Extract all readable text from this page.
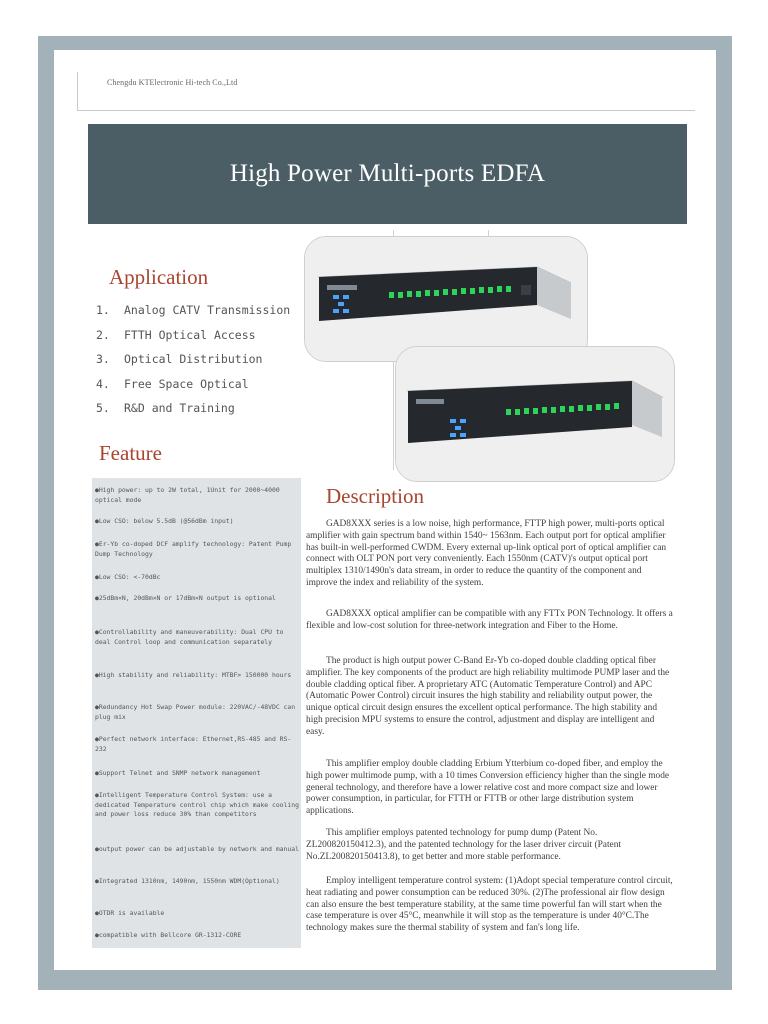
Chengdu KTElectronic Hi-tech Co.,Ltd
High Power Multi-ports EDFA
Application
1.	Analog CATV Transmission
2.	FTTH Optical Access
3.	Optical Distribution
4.	Free Space Optical
5.	R&D and Training
Feature
●High power: up to 2W total, 1Unit for 2000~4000 optical mode
●Low CSO: below 5.5dB (@56dBm input)
●Er-Yb co-doped DCF amplify technology: Patent Pump Dump Technology
●Low CSO: <-70dBc
●25dBm×N, 20dBm×N or 17dBm×N output is optional
●Controllability and maneuverability: Dual CPU to deal Control loop and communication separately
●High stability and reliability: MTBF> 150000 hours
●Redundancy Hot Swap Power module: 220VAC/-48VDC can plug mix
●Perfect network interface: Ethernet,RS-485 and RS-232
●Support Telnet and SNMP network management
●Intelligent Temperature Control System: use a dedicated Temperature control chip which make cooling and power loss reduce 30% than competitors
●output power can be adjustable by network and manual
●Integrated 1310nm, 1490nm, 1550nm WDM(Optional)
●OTDR is available
●compatible with Bellcore GR-1312-CORE
Description

GAD8XXX series is a low noise, high performance, FTTP high power, multi-ports optical amplifier with gain spectrum band within 1540~ 1563nm. Each output port for optical amplifier has built-in well-performed CWDM. Every external up-link optical port of optical amplifier can connect with OLT PON port very conveniently. Each 1550nm (CATV)'s output optical port multiplex 1310/1490n's data stream, in order to reduce the quantity of the component and improve the index and reliability of the system.

GAD8XXX optical amplifier can be compatible with any FTTx PON Technology. It offers a flexible and low-cost solution for three-network integration and Fiber to the Home.

The product is high output power C-Band Er-Yb co-doped double cladding optical fiber amplifier. The key components of the product are high reliability multimode PUMP laser and the double cladding optical fiber. A proprietary ATC (Automatic Temperature Control) and APC (Automatic Power Control) circuit insures the high stability and reliability output power, the unique optical circuit design ensures the excellent optical performance. The high stability and high precision MPU systems to ensure the control, adjustment and display are intelligent and easy.

This amplifier employ double cladding Erbium Ytterbium co-doped fiber, and employ the high power multimode pump, with a 10 times Conversion efficiency higher than the single mode general technology, and therefore have a lower relative cost and more compact size and lower power consumption, in particular, for FTTH or FTTB or other large distribution system applications.

This amplifier employs patented technology for pump dump (Patent No. ZL200820150412.3), and the patented technology for the laser driver circuit (Patent No.ZL200820150413.8), to get better and more stable performance.

Employ intelligent temperature control system: (1)Adopt special temperature control circuit, heat radiating and power consumption can be reduced 30%. (2)The professional air flow design can also ensure the best temperature stability, at the same time powerful fan will start when the case temperature is over 45°C, meanwhile it will stop as the temperature is under 40°C.The technology makes sure the thermal stability of system and fan's long life.
